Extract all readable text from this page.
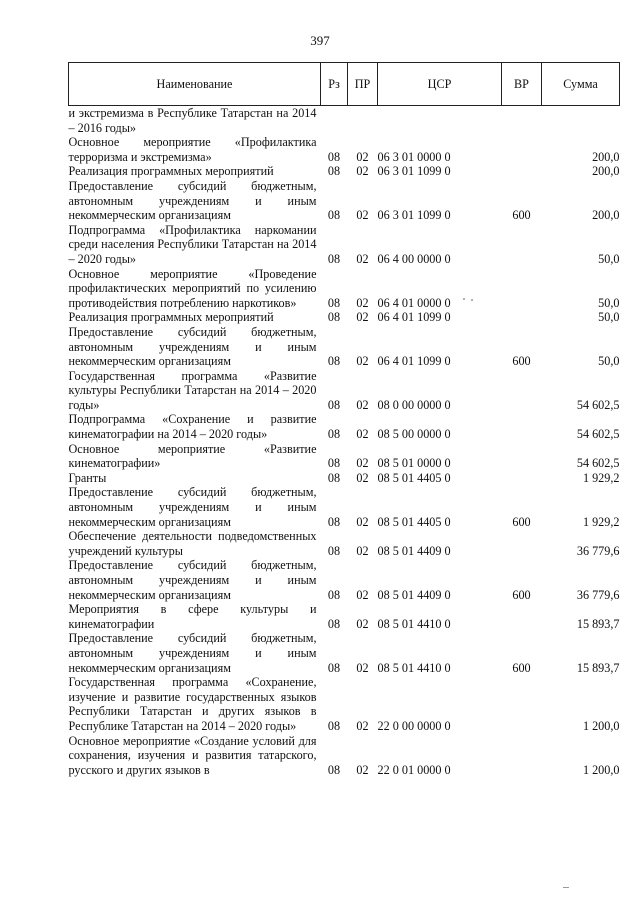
397
Наименование	Рз	ПР	ЦСР	ВР	Сумма
и экстремизма в Республике Татарстан на 2014 – 2016 годы»					
Основное мероприятие «Профилактика терроризма и экстремизма»	08	02	06 3 01 0000 0		200,0
Реализация программных мероприятий	08	02	06 3 01 1099 0		200,0
Предоставление субсидий бюджетным, автономным учреждениям и иным некоммерческим организациям	08	02	06 3 01 1099 0	600	200,0
Подпрограмма «Профилактика наркомании среди населения Республики Татарстан на 2014 – 2020 годы»	08	02	06 4 00 0000 0		50,0
Основное мероприятие «Проведение профилактических мероприятий по усилению противодействия потреблению наркотиков»	08	02	06 4 01 0000 0		50,0
Реализация программных мероприятий	08	02	06 4 01 1099 0		50,0
Предоставление субсидий бюджетным, автономным учреждениям и иным некоммерческим организациям	08	02	06 4 01 1099 0	600	50,0
Государственная программа «Развитие культуры Республики Татарстан на 2014 – 2020 годы»	08	02	08 0 00 0000 0		54 602,5
Подпрограмма «Сохранение и развитие кинематографии на 2014 – 2020 годы»	08	02	08 5 00 0000 0		54 602,5
Основное мероприятие «Развитие кинематографии»	08	02	08 5 01 0000 0		54 602,5
Гранты	08	02	08 5 01 4405 0		1 929,2
Предоставление субсидий бюджетным, автономным учреждениям и иным некоммерческим организациям	08	02	08 5 01 4405 0	600	1 929,2
Обеспечение деятельности подведомственных учреждений культуры	08	02	08 5 01 4409 0		36 779,6
Предоставление субсидий бюджетным, автономным учреждениям и иным некоммерческим организациям	08	02	08 5 01 4409 0	600	36 779,6
Мероприятия в сфере культуры и кинематографии	08	02	08 5 01 4410 0		15 893,7
Предоставление субсидий бюджетным, автономным учреждениям и иным некоммерческим организациям	08	02	08 5 01 4410 0	600	15 893,7
Государственная программа «Сохранение, изучение и развитие государственных языков Республики Татарстан и других языков в Республике Татарстан на 2014 – 2020 годы»	08	02	22 0 00 0000 0		1 200,0
Основное мероприятие «Создание условий для сохранения, изучения и развития татарского, русского и других языков в	08	02	22 0 01 0000 0		1 200,0
